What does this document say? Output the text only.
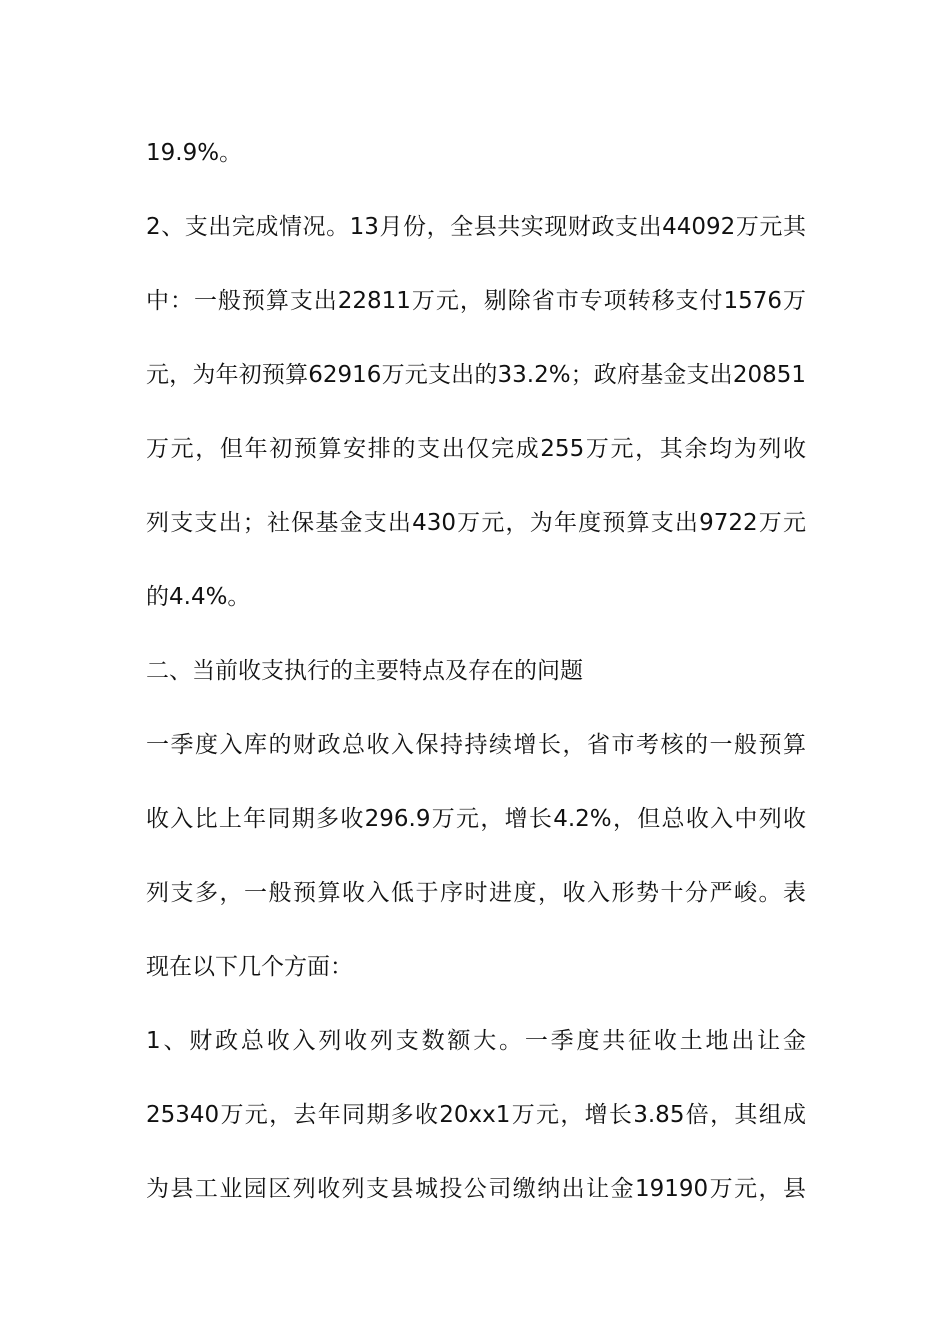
19.9%。
2、支出完成情况。13月份，全县共实现财政支出44092万元其
中：一般预算支出22811万元，剔除省市专项转移支付1576万
元，为年初预算62916万元支出的33.2%；政府基金支出20851
万元，但年初预算安排的支出仅完成255万元，其余均为列收
列支支出；社保基金支出430万元，为年度预算支出9722万元
的4.4%。
二、当前收支执行的主要特点及存在的问题
一季度入库的财政总收入保持持续增长，省市考核的一般预算
收入比上年同期多收296.9万元，增长4.2%，但总收入中列收
列支多，一般预算收入低于序时进度，收入形势十分严峻。表
现在以下几个方面：
1、财政总收入列收列支数额大。一季度共征收土地出让金
25340万元，去年同期多收20xx1万元，增长3.85倍，其组成
为县工业园区列收列支县城投公司缴纳出让金19190万元，县
